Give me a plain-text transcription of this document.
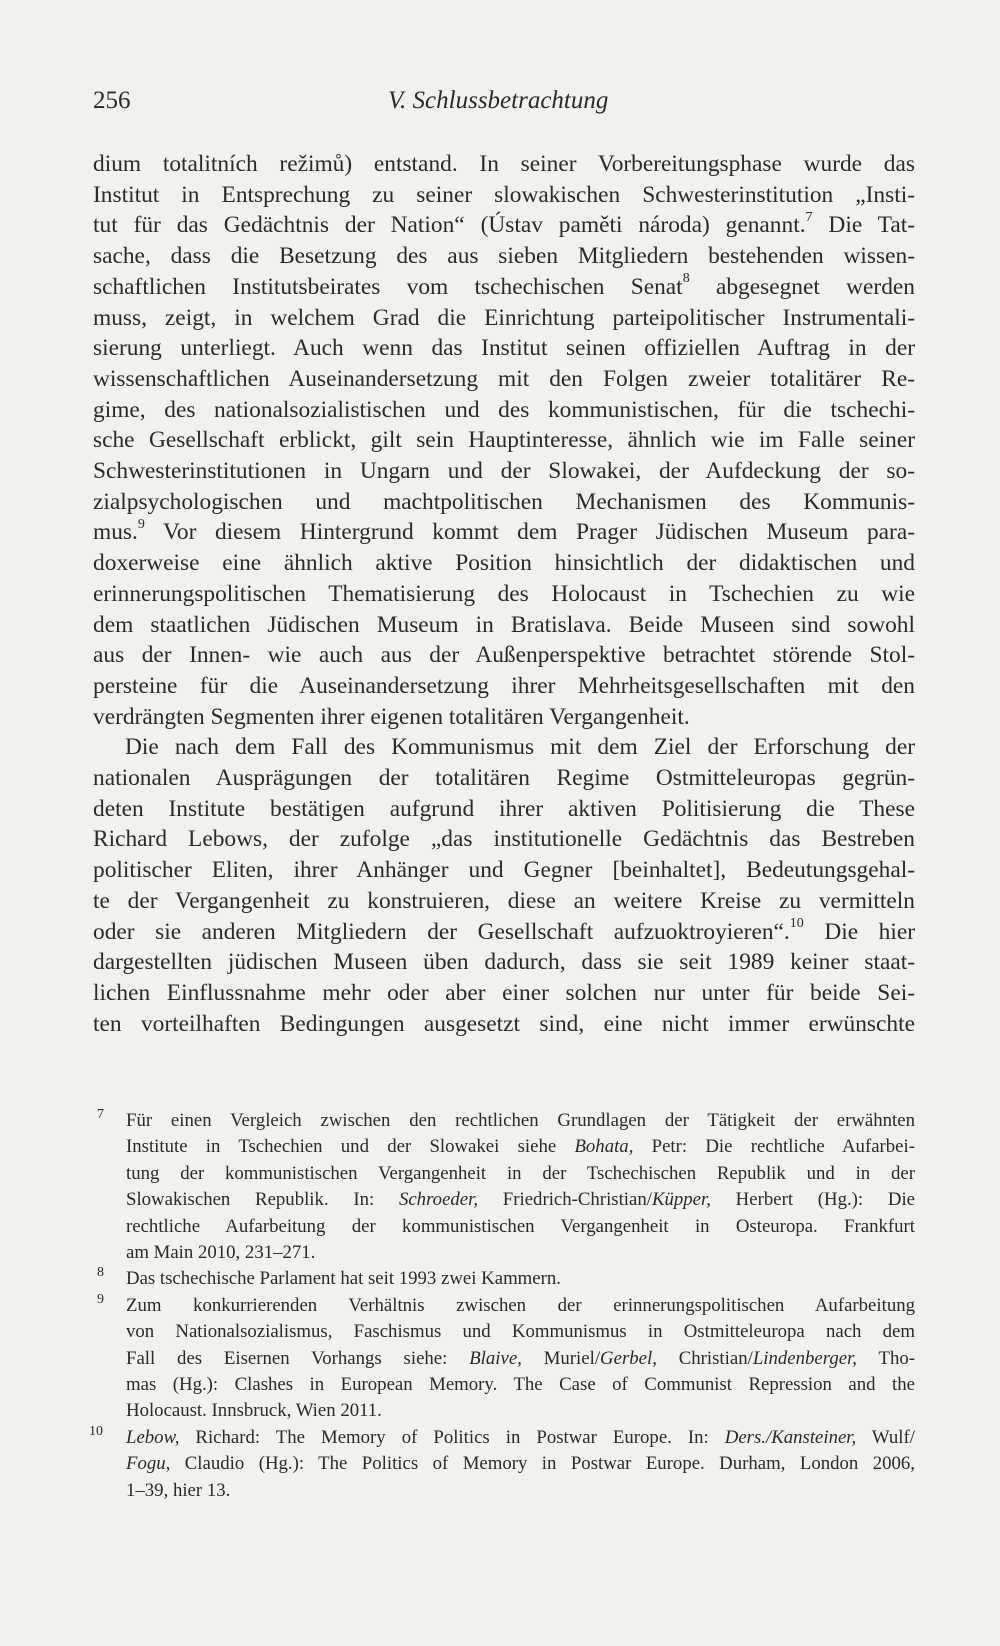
256	V. Schlussbetrachtung
dium totalitních režimů) entstand. In seiner Vorbereitungsphase wurde das
Institut in Entsprechung zu seiner slowakischen Schwesterinstitution „Insti-
tut für das Gedächtnis der Nation“ (Ústav paměti národa) genannt.$^7$ Die Tat-
sache, dass die Besetzung des aus sieben Mitgliedern bestehenden wissen-
schaftlichen Institutsbeirates vom tschechischen Senat$^8$ abgesegnet werden
muss, zeigt, in welchem Grad die Einrichtung parteipolitischer Instrumentali-
sierung unterliegt. Auch wenn das Institut seinen offiziellen Auftrag in der
wissenschaftlichen Auseinandersetzung mit den Folgen zweier totalitärer Re-
gime, des nationalsozialistischen und des kommunistischen, für die tschechi-
sche Gesellschaft erblickt, gilt sein Hauptinteresse, ähnlich wie im Falle seiner
Schwesterinstitutionen in Ungarn und der Slowakei, der Aufdeckung der so-
zialpsychologischen und machtpolitischen Mechanismen des Kommunis-
mus.$^9$ Vor diesem Hintergrund kommt dem Prager Jüdischen Museum para-
doxerweise eine ähnlich aktive Position hinsichtlich der didaktischen und
erinnerungspolitischen Thematisierung des Holocaust in Tschechien zu wie
dem staatlichen Jüdischen Museum in Bratislava. Beide Museen sind sowohl
aus der Innen- wie auch aus der Außenperspektive betrachtet störende Stol-
persteine für die Auseinandersetzung ihrer Mehrheitsgesellschaften mit den
verdrängten Segmenten ihrer eigenen totalitären Vergangenheit.
Die nach dem Fall des Kommunismus mit dem Ziel der Erforschung der
nationalen Ausprägungen der totalitären Regime Ostmitteleuropas gegrün-
deten Institute bestätigen aufgrund ihrer aktiven Politisierung die These
Richard Lebows, der zufolge „das institutionelle Gedächtnis das Bestreben
politischer Eliten, ihrer Anhänger und Gegner [beinhaltet], Bedeutungsgehal-
te der Vergangenheit zu konstruieren, diese an weitere Kreise zu vermitteln
oder sie anderen Mitgliedern der Gesellschaft aufzuoktroyieren“.$^{10}$ Die hier
dargestellten jüdischen Museen üben dadurch, dass sie seit 1989 keiner staat-
lichen Einflussnahme mehr oder aber einer solchen nur unter für beide Sei-
ten vorteilhaften Bedingungen ausgesetzt sind, eine nicht immer erwünschte
7 Für einen Vergleich zwischen den rechtlichen Grundlagen der Tätigkeit der erwähnten
Institute in Tschechien und der Slowakei siehe Bohata, Petr: Die rechtliche Aufarbei-
tung der kommunistischen Vergangenheit in der Tschechischen Republik und in der
Slowakischen Republik. In: Schroeder, Friedrich-Christian/Küpper, Herbert (Hg.): Die
rechtliche Aufarbeitung der kommunistischen Vergangenheit in Osteuropa. Frankfurt
am Main 2010, 231–271.
8 Das tschechische Parlament hat seit 1993 zwei Kammern.
9 Zum konkurrierenden Verhältnis zwischen der erinnerungspolitischen Aufarbeitung
von Nationalsozialismus, Faschismus und Kommunismus in Ostmitteleuropa nach dem
Fall des Eisernen Vorhangs siehe: Blaive, Muriel/Gerbel, Christian/Lindenberger, Tho-
mas (Hg.): Clashes in European Memory. The Case of Communist Repression and the
Holocaust. Innsbruck, Wien 2011.
10 Lebow, Richard: The Memory of Politics in Postwar Europe. In: Ders./Kansteiner, Wulf/
Fogu, Claudio (Hg.): The Politics of Memory in Postwar Europe. Durham, London 2006,
1–39, hier 13.
